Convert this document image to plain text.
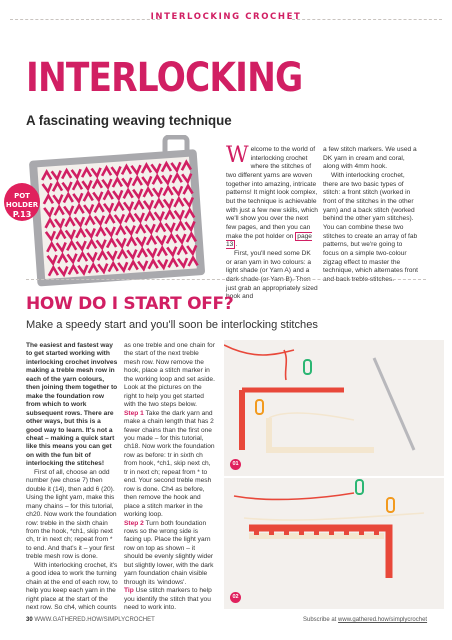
INTERLOCKING CROCHET
INTERLOCKING
A fascinating weaving technique
POT HOLDER
P.13

Welcome to the world of interlocking crochet where the stitches of two different yarns are woven together into amazing, intricate patterns! It might look complex, but the technique is achievable with just a few new skills, which we'll show you over the next few pages, and then you can make the pot holder on page 13 .

First, you'll need some DK or aran yarn in two colours: a light shade (or Yarn A) and a dark shade (or Yarn B). Then just grab an appropriately sized hook and

a few stitch markers. We used a DK yarn in cream and coral, along with 4mm hook.

With interlocking crochet, there are two basic types of stitch: a front stitch (worked in front of the stitches in the other yarn) and a back stitch (worked behind the other yarn stitches). You can combine these two stitches to create an array of fab patterns, but we're going to focus on a simple two-colour zigzag effect to master the technique, which alternates front and back treble stitches.

HOW DO I START OFF?

Make a speedy start and you'll soon be interlocking stitches

The easiest and fastest way to get started working with interlocking crochet involves making a treble mesh row in each of the yarn colours, then joining them together to make the foundation row from which to work subsequent rows. There are other ways, but this is a good way to learn. It's not a cheat – making a quick start like this means you can get on with the fun bit of interlocking the stitches!

First of all, choose an odd number (we chose 7) then double it (14), then add 6 (20). Using the light yarn, make this many chains – for this tutorial, ch20. Now work the foundation row: treble in the sixth chain from the hook, *ch1, skip next ch, tr in next ch; repeat from * to end. And that's it – your first treble mesh row is done.

With interlocking crochet, it's a good idea to work the turning chain at the end of each row, to help you keep each yarn in the right place at the start of the next row. So ch4, which counts

as one treble and one chain for the start of the next treble mesh row. Now remove the hook, place a stitch marker in the working loop and set aside. Look at the pictures on the right to help you get started with the two steps below.

Step 1 Take the dark yarn and make a chain length that has 2 fewer chains than the first one you made – for this tutorial, ch18. Now work the foundation row as before: tr in sixth ch from hook, *ch1, skip next ch, tr in next ch; repeat from * to end. Your second treble mesh row is done. Ch4 as before, then remove the hook and place a stitch marker in the working loop.

Step 2 Turn both foundation rows so the wrong side is facing up. Place the light yarn row on top as shown – it should be evenly slightly wider but slightly lower, with the dark yarn foundation chain visible through its 'windows'.

Tip Use stitch markers to help you identify the stitch that you need to work into.

01
02
30 WWW.GATHERED.HOW/SIMPLYCROCHET	Subscribe at www.gathered.how/simplycrochet
